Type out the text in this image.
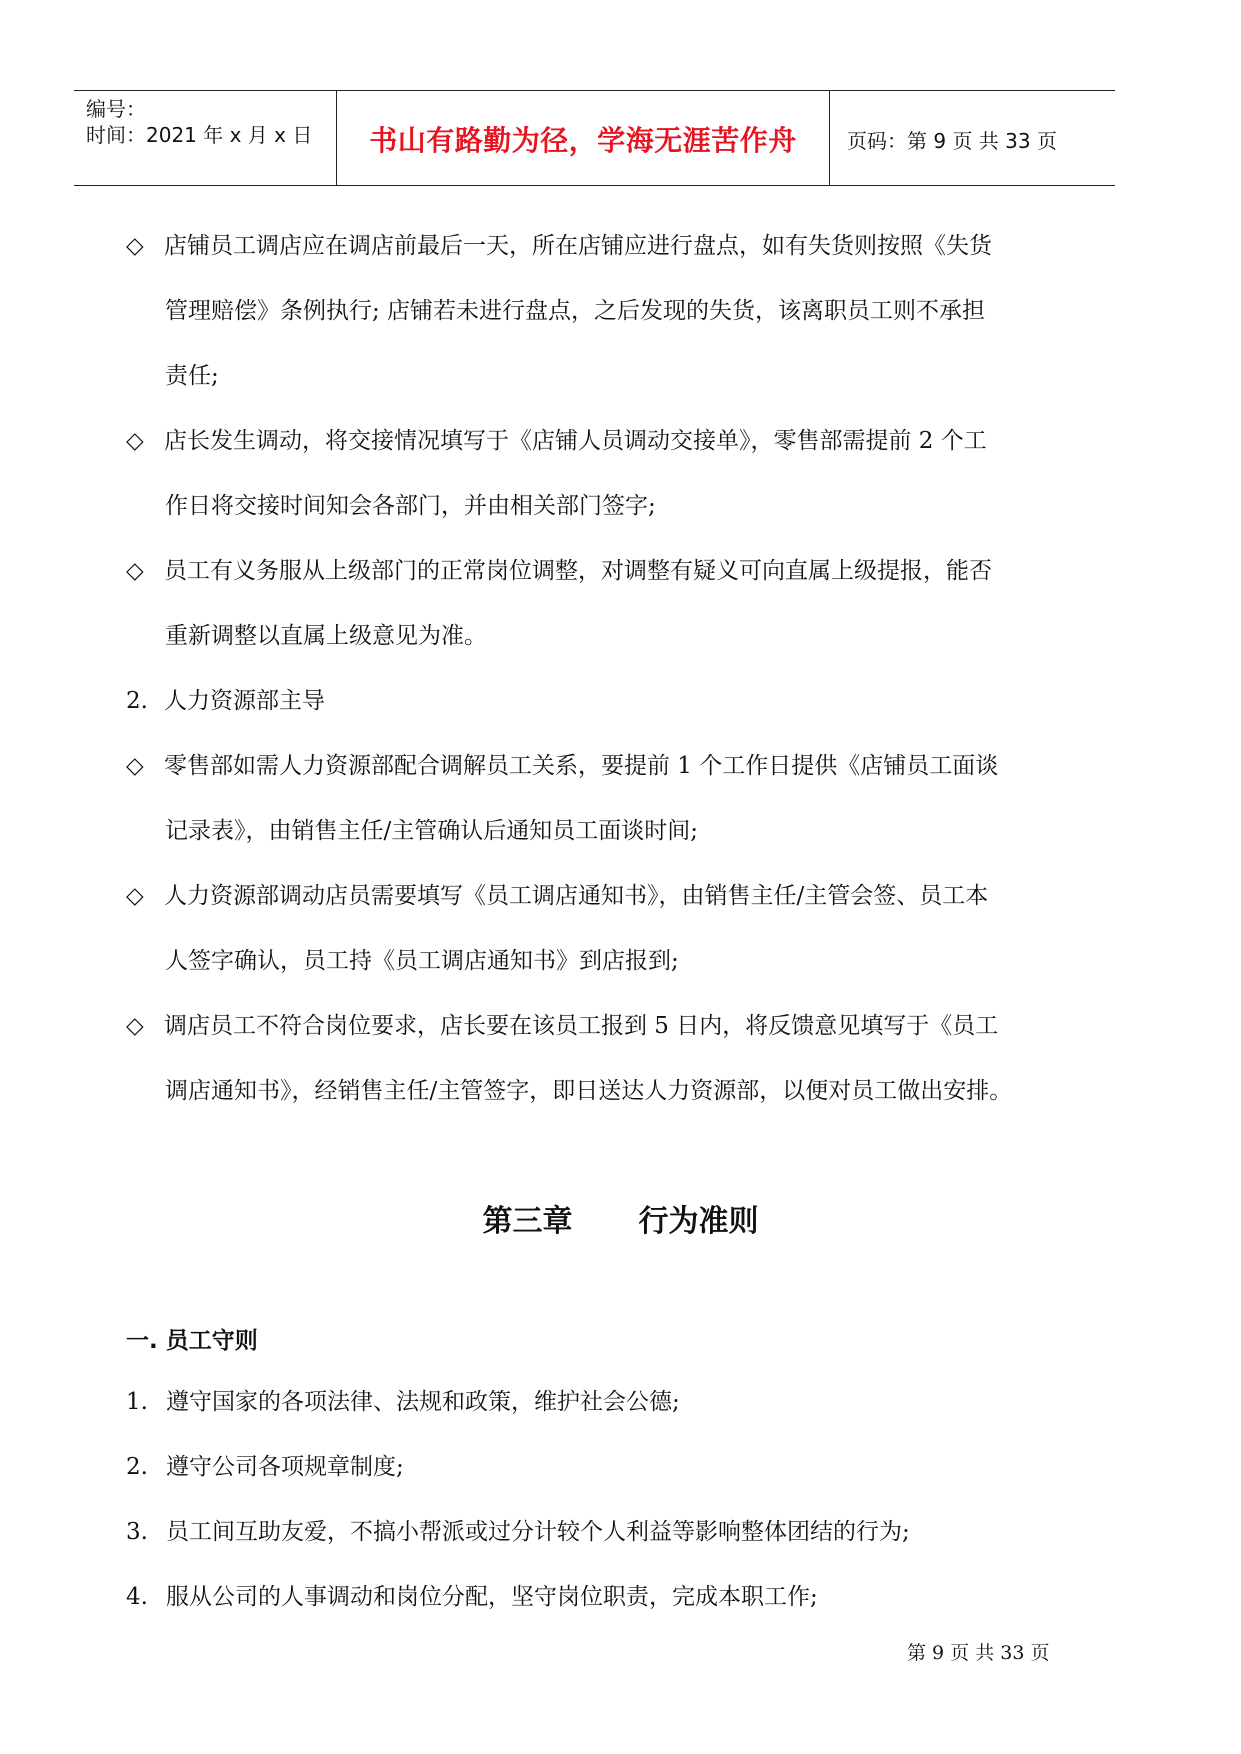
编号：
时间：2021 年 x 月 x 日	书山有路勤为径，学海无涯苦作舟	页码：第 9 页 共 33 页
◇ 店铺员工调店应在调店前最后一天，所在店铺应进行盘点，如有失货则按照《失货
管理赔偿》条例执行; 店铺若未进行盘点，之后发现的失货，该离职员工则不承担
责任;
◇ 店长发生调动，将交接情况填写于《店铺人员调动交接单》，零售部需提前 2 个工
作日将交接时间知会各部门，并由相关部门签字;
◇ 员工有义务服从上级部门的正常岗位调整，对调整有疑义可向直属上级提报，能否
重新调整以直属上级意见为准。
2. 人力资源部主导
◇ 零售部如需人力资源部配合调解员工关系，要提前 1 个工作日提供《店铺员工面谈
记录表》，由销售主任/主管确认后通知员工面谈时间;
◇ 人力资源部调动店员需要填写《员工调店通知书》，由销售主任/主管会签、员工本
人签字确认，员工持《员工调店通知书》到店报到;
◇ 调店员工不符合岗位要求，店长要在该员工报到 5 日内，将反馈意见填写于《员工
调店通知书》，经销售主任/主管签字，即日送达人力资源部，以便对员工做出安排。
第三章 行为准则
一. 员工守则
1. 遵守国家的各项法律、法规和政策，维护社会公德;
2. 遵守公司各项规章制度;
3. 员工间互助友爱，不搞小帮派或过分计较个人利益等影响整体团结的行为;
4. 服从公司的人事调动和岗位分配，坚守岗位职责，完成本职工作;
第 9 页 共 33 页
